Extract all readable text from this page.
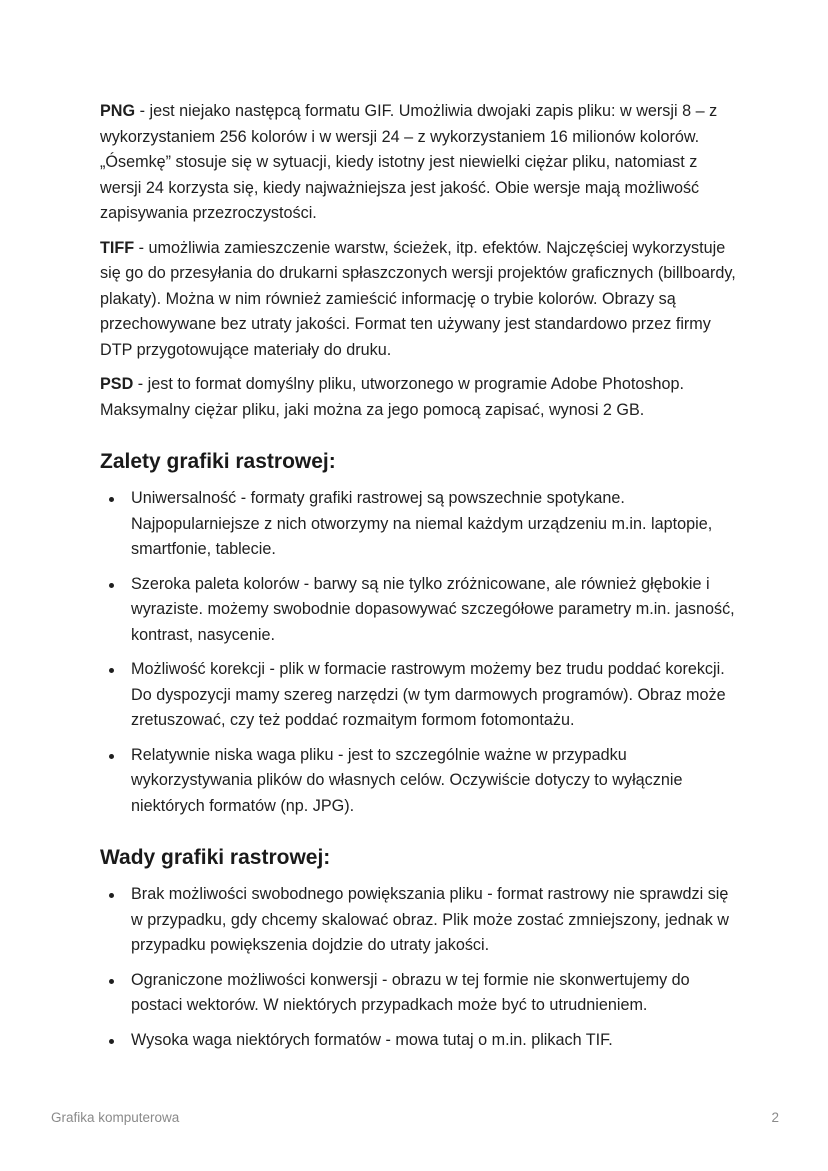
PNG - jest niejako następcą formatu GIF. Umożliwia dwojaki zapis pliku: w wersji 8 – z wykorzystaniem 256 kolorów i w wersji 24 – z wykorzystaniem 16 milionów kolorów. „Ósemkę” stosuje się w sytuacji, kiedy istotny jest niewielki ciężar pliku, natomiast z wersji 24 korzysta się, kiedy najważniejsza jest jakość. Obie wersje mają możliwość zapisywania przezroczystości.

TIFF - umożliwia zamieszczenie warstw, ścieżek, itp. efektów. Najczęściej wykorzystuje się go do przesyłania do drukarni spłaszczonych wersji projektów graficznych (billboardy, plakaty). Można w nim również zamieścić informację o trybie kolorów. Obrazy są przechowywane bez utraty jakości. Format ten używany jest standardowo przez firmy DTP przygotowujące materiały do druku.

PSD - jest to format domyślny pliku, utworzonego w programie Adobe Photoshop. Maksymalny ciężar pliku, jaki można za jego pomocą zapisać, wynosi 2 GB.

Zalety grafiki rastrowej:
Uniwersalność - formaty grafiki rastrowej są powszechnie spotykane. Najpopularniejsze z nich otworzymy na niemal każdym urządzeniu m.in. laptopie, smartfonie, tablecie.
Szeroka paleta kolorów - barwy są nie tylko zróżnicowane, ale również głębokie i wyraziste. możemy swobodnie dopasowywać szczegółowe parametry m.in. jasność, kontrast, nasycenie.
Możliwość korekcji - plik w formacie rastrowym możemy bez trudu poddać korekcji. Do dyspozycji mamy szereg narzędzi (w tym darmowych programów). Obraz może zretuszować, czy też poddać rozmaitym formom fotomontażu.
Relatywnie niska waga pliku - jest to szczególnie ważne w przypadku wykorzystywania plików do własnych celów. Oczywiście dotyczy to wyłącznie niektórych formatów (np. JPG).
Wady grafiki rastrowej:
Brak możliwości swobodnego powiększania pliku - format rastrowy nie sprawdzi się w przypadku, gdy chcemy skalować obraz. Plik może zostać zmniejszony, jednak w przypadku powiększenia dojdzie do utraty jakości.
Ograniczone możliwości konwersji - obrazu w tej formie nie skonwertujemy do postaci wektorów. W niektórych przypadkach może być to utrudnieniem.
Wysoka waga niektórych formatów - mowa tutaj o m.in. plikach TIF.
Grafika komputerowa	2
